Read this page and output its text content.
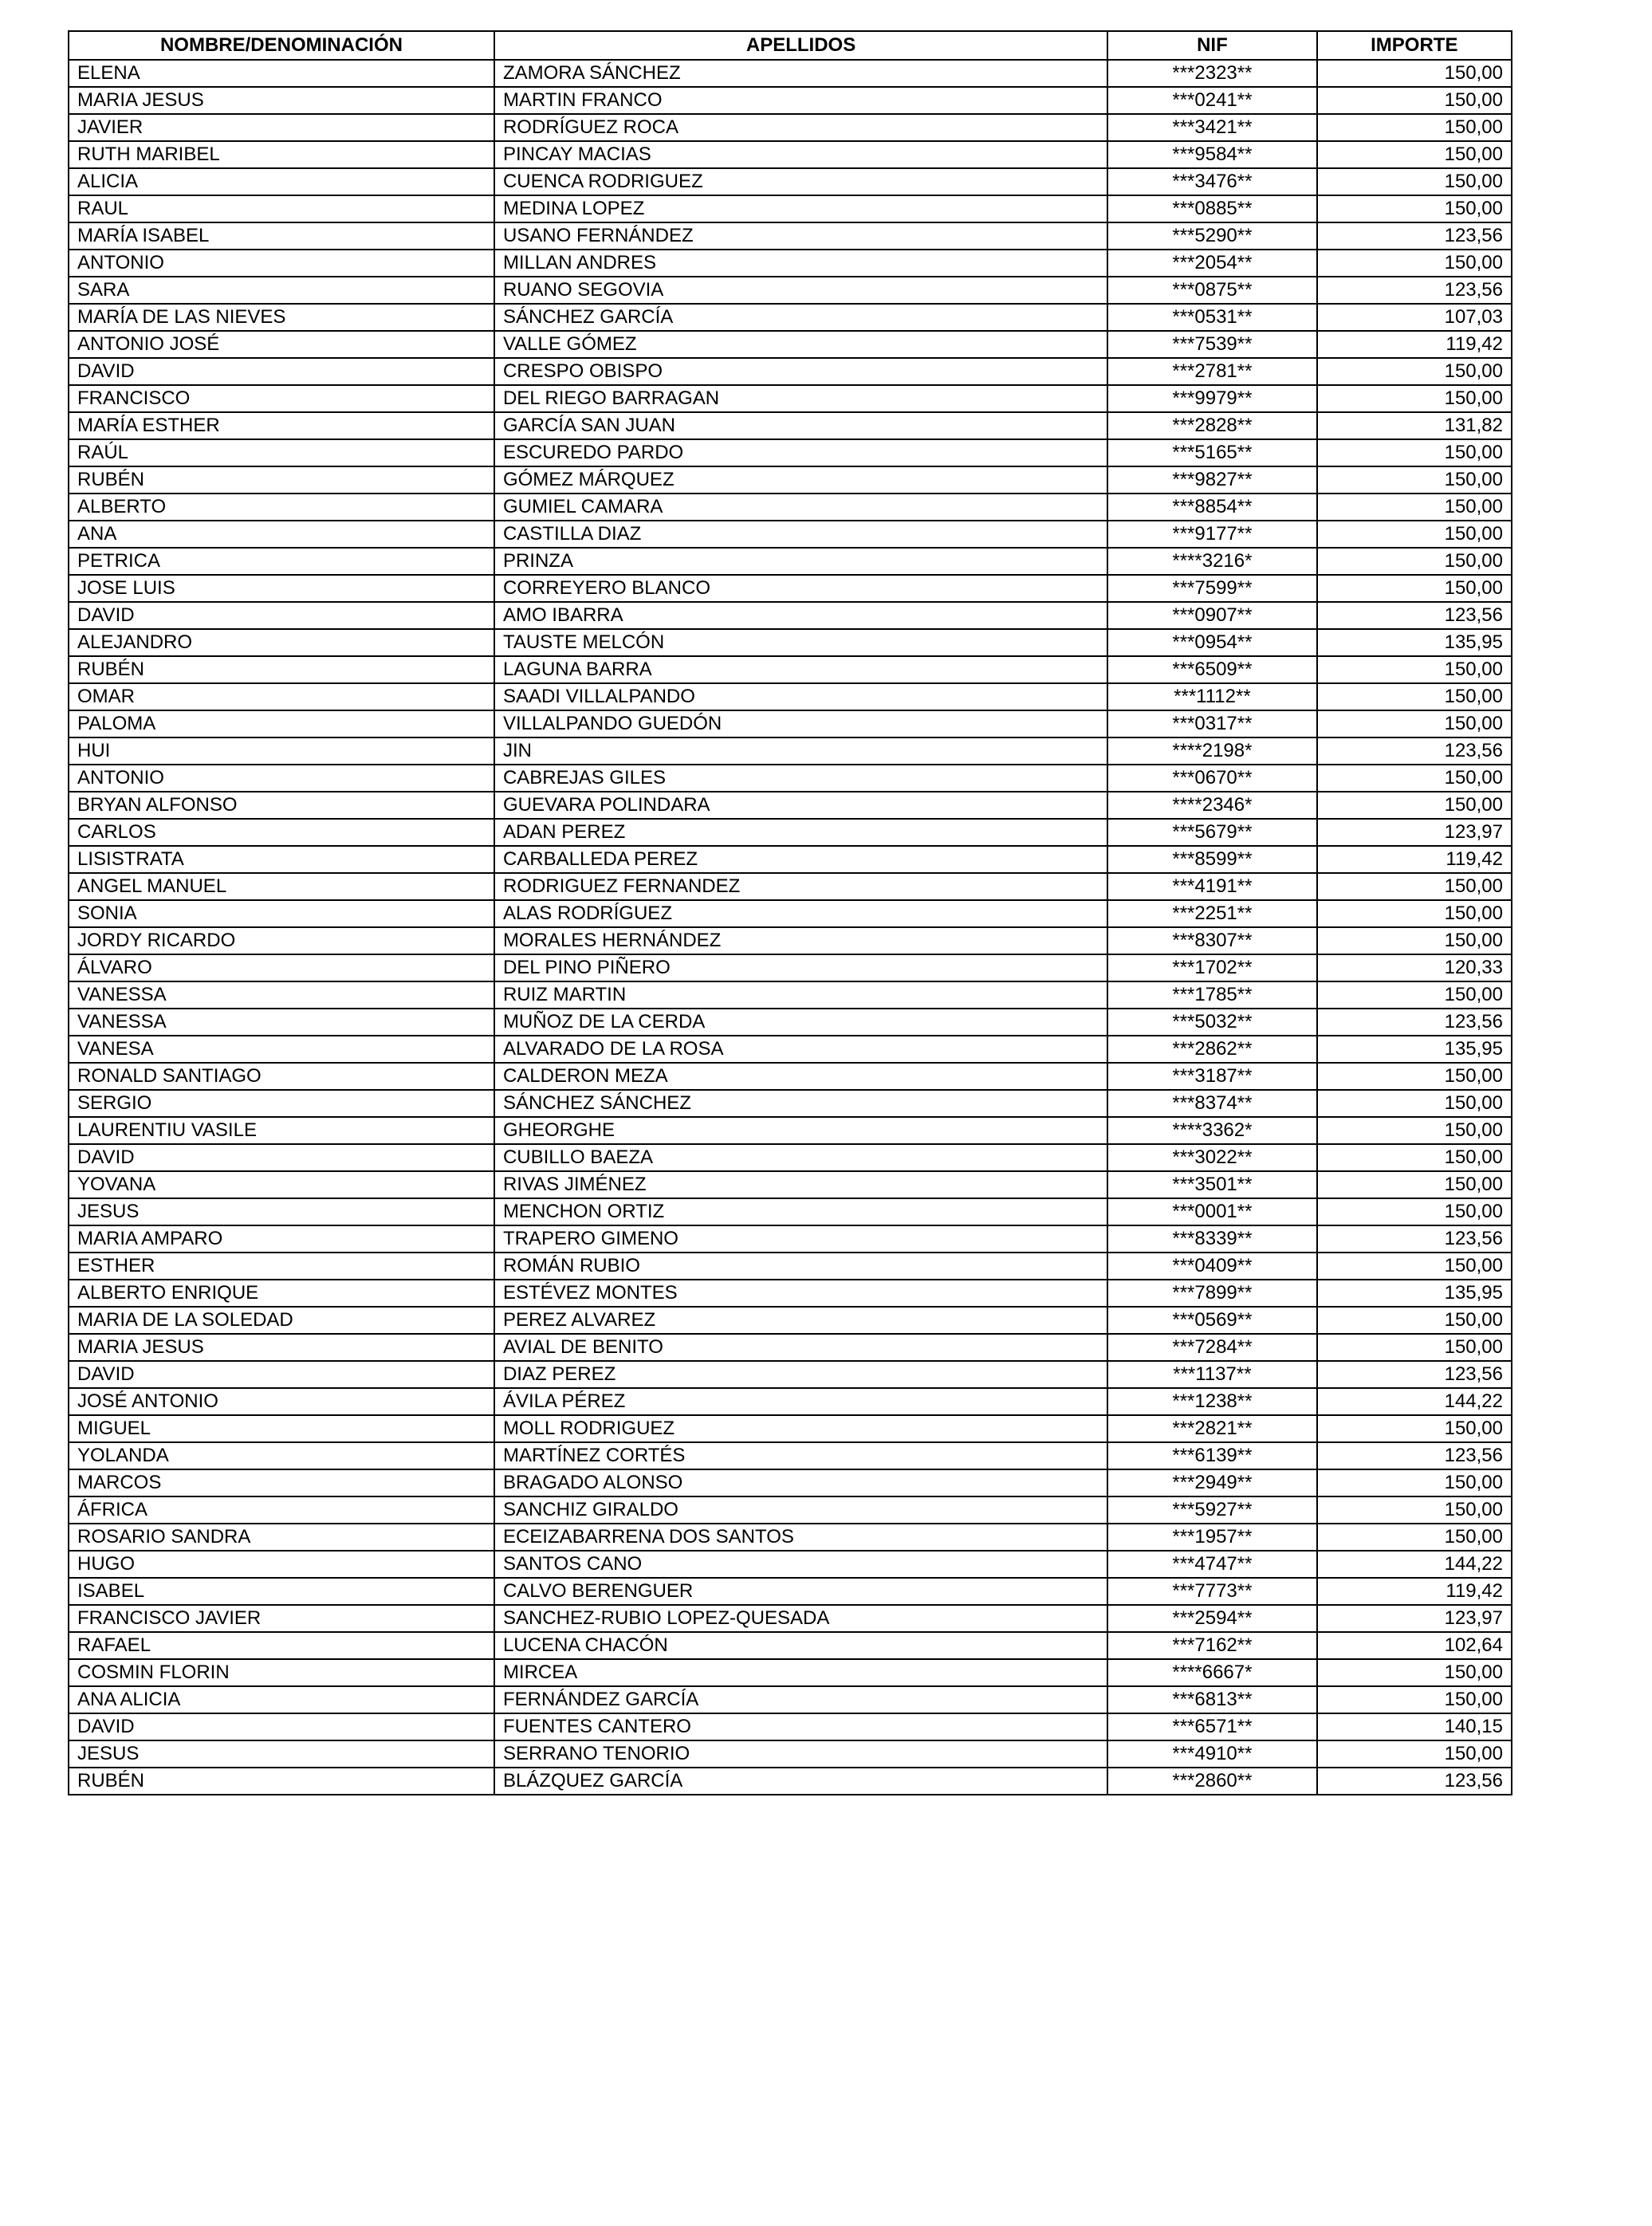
NOMBRE/DENOMINACIÓN	APELLIDOS	NIF	IMPORTE
ELENA	ZAMORA SÁNCHEZ	***2323**	150,00
MARIA JESUS	MARTIN FRANCO	***0241**	150,00
JAVIER	RODRÍGUEZ ROCA	***3421**	150,00
RUTH MARIBEL	PINCAY MACIAS	***9584**	150,00
ALICIA	CUENCA RODRIGUEZ	***3476**	150,00
RAUL	MEDINA LOPEZ	***0885**	150,00
MARÍA ISABEL	USANO FERNÁNDEZ	***5290**	123,56
ANTONIO	MILLAN ANDRES	***2054**	150,00
SARA	RUANO SEGOVIA	***0875**	123,56
MARÍA DE LAS NIEVES	SÁNCHEZ GARCÍA	***0531**	107,03
ANTONIO JOSÉ	VALLE GÓMEZ	***7539**	119,42
DAVID	CRESPO OBISPO	***2781**	150,00
FRANCISCO	DEL RIEGO BARRAGAN	***9979**	150,00
MARÍA ESTHER	GARCÍA SAN JUAN	***2828**	131,82
RAÚL	ESCUREDO PARDO	***5165**	150,00
RUBÉN	GÓMEZ MÁRQUEZ	***9827**	150,00
ALBERTO	GUMIEL CAMARA	***8854**	150,00
ANA	CASTILLA DIAZ	***9177**	150,00
PETRICA	PRINZA	****3216*	150,00
JOSE LUIS	CORREYERO BLANCO	***7599**	150,00
DAVID	AMO IBARRA	***0907**	123,56
ALEJANDRO	TAUSTE MELCÓN	***0954**	135,95
RUBÉN	LAGUNA BARRA	***6509**	150,00
OMAR	SAADI VILLALPANDO	***1112**	150,00
PALOMA	VILLALPANDO GUEDÓN	***0317**	150,00
HUI	JIN	****2198*	123,56
ANTONIO	CABREJAS GILES	***0670**	150,00
BRYAN ALFONSO	GUEVARA POLINDARA	****2346*	150,00
CARLOS	ADAN PEREZ	***5679**	123,97
LISISTRATA	CARBALLEDA PEREZ	***8599**	119,42
ANGEL MANUEL	RODRIGUEZ FERNANDEZ	***4191**	150,00
SONIA	ALAS RODRÍGUEZ	***2251**	150,00
JORDY RICARDO	MORALES HERNÁNDEZ	***8307**	150,00
ÁLVARO	DEL PINO PIÑERO	***1702**	120,33
VANESSA	RUIZ MARTIN	***1785**	150,00
VANESSA	MUÑOZ DE LA CERDA	***5032**	123,56
VANESA	ALVARADO DE LA ROSA	***2862**	135,95
RONALD SANTIAGO	CALDERON MEZA	***3187**	150,00
SERGIO	SÁNCHEZ SÁNCHEZ	***8374**	150,00
LAURENTIU VASILE	GHEORGHE	****3362*	150,00
DAVID	CUBILLO BAEZA	***3022**	150,00
YOVANA	RIVAS JIMÉNEZ	***3501**	150,00
JESUS	MENCHON ORTIZ	***0001**	150,00
MARIA AMPARO	TRAPERO GIMENO	***8339**	123,56
ESTHER	ROMÁN RUBIO	***0409**	150,00
ALBERTO ENRIQUE	ESTÉVEZ MONTES	***7899**	135,95
MARIA DE LA SOLEDAD	PEREZ ALVAREZ	***0569**	150,00
MARIA JESUS	AVIAL DE BENITO	***7284**	150,00
DAVID	DIAZ PEREZ	***1137**	123,56
JOSÉ ANTONIO	ÁVILA PÉREZ	***1238**	144,22
MIGUEL	MOLL RODRIGUEZ	***2821**	150,00
YOLANDA	MARTÍNEZ CORTÉS	***6139**	123,56
MARCOS	BRAGADO ALONSO	***2949**	150,00
ÁFRICA	SANCHIZ GIRALDO	***5927**	150,00
ROSARIO SANDRA	ECEIZABARRENA DOS SANTOS	***1957**	150,00
HUGO	SANTOS CANO	***4747**	144,22
ISABEL	CALVO BERENGUER	***7773**	119,42
FRANCISCO JAVIER	SANCHEZ-RUBIO LOPEZ-QUESADA	***2594**	123,97
RAFAEL	LUCENA CHACÓN	***7162**	102,64
COSMIN FLORIN	MIRCEA	****6667*	150,00
ANA ALICIA	FERNÁNDEZ GARCÍA	***6813**	150,00
DAVID	FUENTES CANTERO	***6571**	140,15
JESUS	SERRANO TENORIO	***4910**	150,00
RUBÉN	BLÁZQUEZ GARCÍA	***2860**	123,56
